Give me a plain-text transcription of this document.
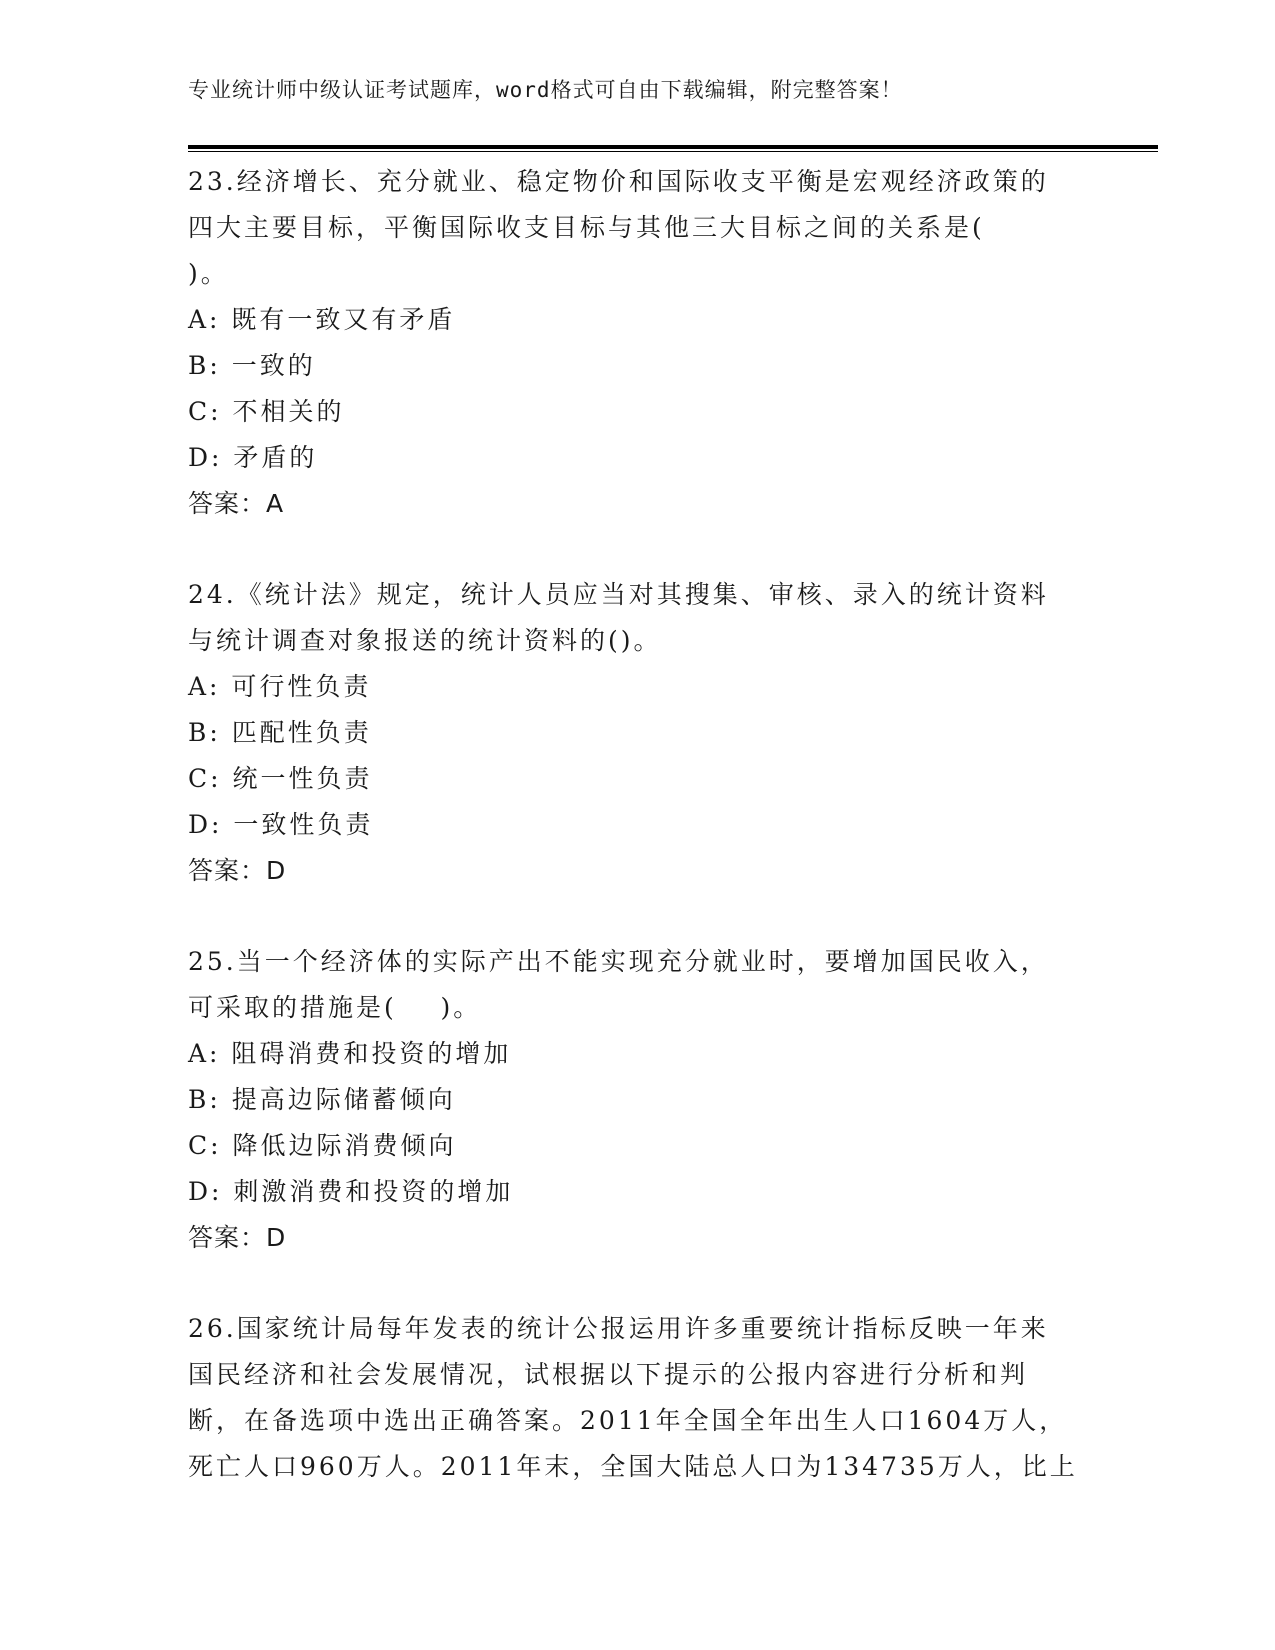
专业统计师中级认证考试题库，word格式可自由下载编辑，附完整答案！
23.经济增长、充分就业、稳定物价和国际收支平衡是宏观经济政策的
四大主要目标，平衡国际收支目标与其他三大目标之间的关系是(
)。
A: 既有一致又有矛盾
B: 一致的
C: 不相关的
D: 矛盾的
答案：A
24.《统计法》规定，统计人员应当对其搜集、审核、录入的统计资料
与统计调查对象报送的统计资料的()。
A: 可行性负责
B: 匹配性负责
C: 统一性负责
D: 一致性负责
答案：D
25.当一个经济体的实际产出不能实现充分就业时，要增加国民收入，
可采取的措施是(    )。
A: 阻碍消费和投资的增加
B: 提高边际储蓄倾向
C: 降低边际消费倾向
D: 刺激消费和投资的增加
答案：D
26.国家统计局每年发表的统计公报运用许多重要统计指标反映一年来
国民经济和社会发展情况，试根据以下提示的公报内容进行分析和判
断，在备选项中选出正确答案。2011年全国全年出生人口1604万人，
死亡人口960万人。2011年末，全国大陆总人口为134735万人，比上
